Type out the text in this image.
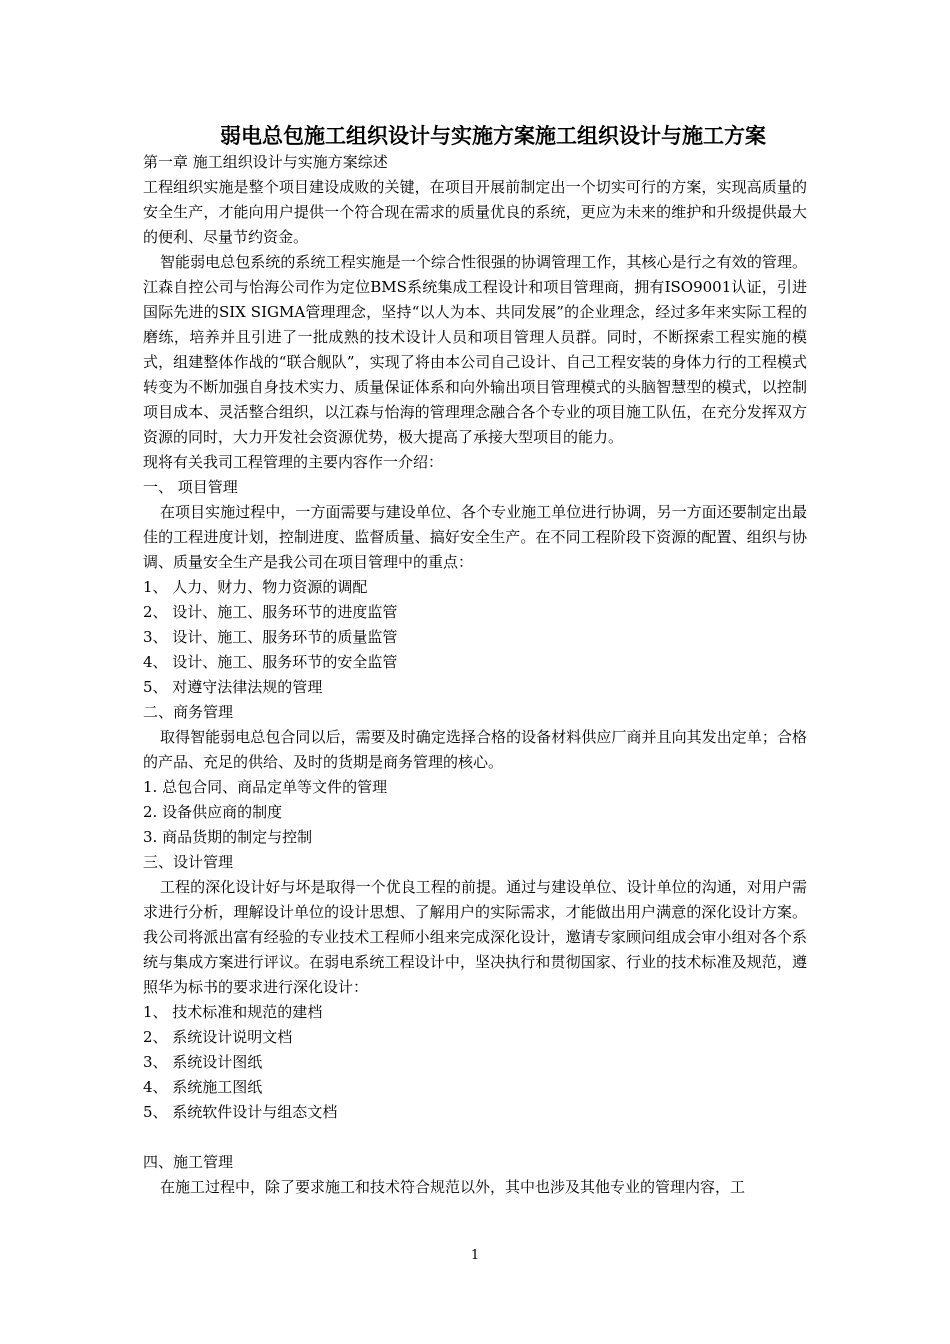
弱电总包施工组织设计与实施方案施工组织设计与施工方案

第一章 施工组织设计与实施方案综述

工程组织实施是整个项目建设成败的关键，在项目开展前制定出一个切实可行的方案，实现高质量的安全生产，才能向用户提供一个符合现在需求的质量优良的系统，更应为未来的维护和升级提供最大的便利、尽量节约资金。

智能弱电总包系统的系统工程实施是一个综合性很强的协调管理工作，其核心是行之有效的管理。江森自控公司与怡海公司作为定位BMS系统集成工程设计和项目管理商，拥有ISO9001认证，引进国际先进的SIX SIGMA管理理念，坚持“以人为本、共同发展”的企业理念，经过多年来实际工程的磨练，培养并且引进了一批成熟的技术设计人员和项目管理人员群。同时，不断探索工程实施的模式，组建整体作战的“联合舰队”，实现了将由本公司自己设计、自己工程安装的身体力行的工程模式转变为不断加强自身技术实力、质量保证体系和向外输出项目管理模式的头脑智慧型的模式，以控制项目成本、灵活整合组织，以江森与怡海的管理理念融合各个专业的项目施工队伍，在充分发挥双方资源的同时，大力开发社会资源优势，极大提高了承接大型项目的能力。

现将有关我司工程管理的主要内容作一介绍：

一、 项目管理

在项目实施过程中，一方面需要与建设单位、各个专业施工单位进行协调，另一方面还要制定出最佳的工程进度计划，控制进度、监督质量、搞好安全生产。在不同工程阶段下资源的配置、组织与协调、质量安全生产是我公司在项目管理中的重点：

1、 人力、财力、物力资源的调配

2、 设计、施工、服务环节的进度监管

3、 设计、施工、服务环节的质量监管

4、 设计、施工、服务环节的安全监管

5、 对遵守法律法规的管理

二、商务管理

取得智能弱电总包合同以后，需要及时确定选择合格的设备材料供应厂商并且向其发出定单；合格的产品、充足的供给、及时的货期是商务管理的核心。

1. 总包合同、商品定单等文件的管理

2. 设备供应商的制度

3. 商品货期的制定与控制

三、设计管理

工程的深化设计好与坏是取得一个优良工程的前提。通过与建设单位、设计单位的沟通，对用户需求进行分析，理解设计单位的设计思想、了解用户的实际需求，才能做出用户满意的深化设计方案。我公司将派出富有经验的专业技术工程师小组来完成深化设计，邀请专家顾问组成会审小组对各个系统与集成方案进行评议。在弱电系统工程设计中，坚决执行和贯彻国家、行业的技术标准及规范，遵照华为标书的要求进行深化设计：

1、 技术标准和规范的建档

2、 系统设计说明文档

3、 系统设计图纸

4、 系统施工图纸

5、 系统软件设计与组态文档

四、施工管理

在施工过程中，除了要求施工和技术符合规范以外，其中也涉及其他专业的管理内容，工

1
